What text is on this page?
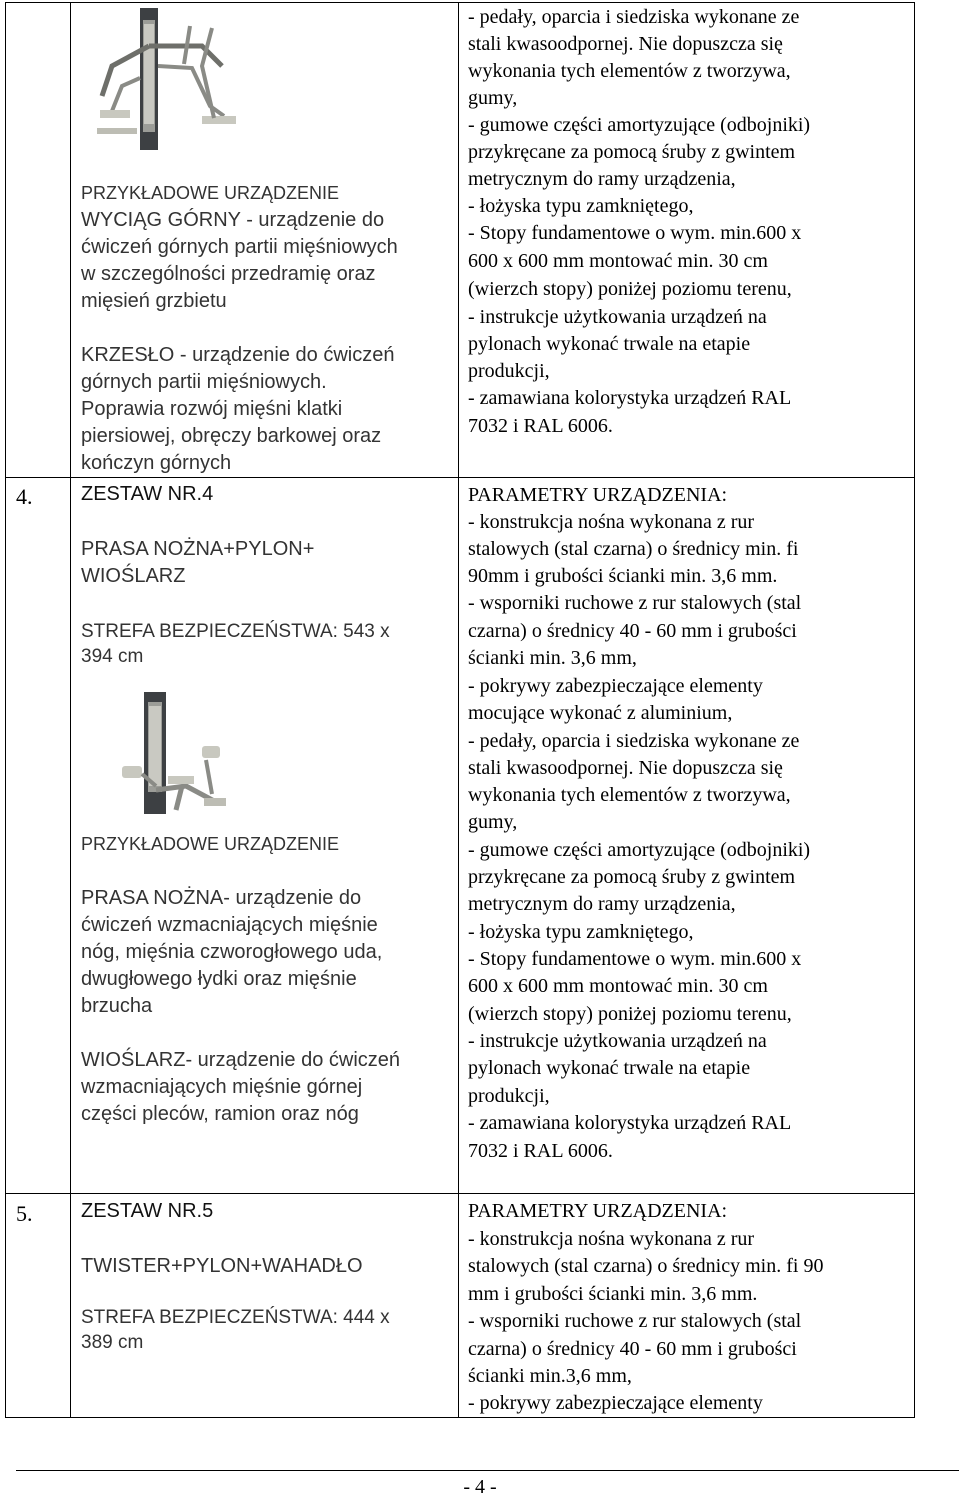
PRZYKŁADOWE URZĄDZENIE
WYCIĄG GÓRNY - urządzenie do
ćwiczeń górnych partii mięśniowych
w szczególności przedramię oraz
mięsień grzbietu
KRZESŁO - urządzenie do ćwiczeń
górnych partii mięśniowych.
Poprawia rozwój mięśni klatki
piersiowej, obręczy barkowej oraz
kończyn górnych
- pedały, oparcia i siedziska wykonane ze
stali kwasoodpornej. Nie dopuszcza się
wykonania tych elementów z tworzywa,
gumy,
- gumowe części amortyzujące (odbojniki)
przykręcane za pomocą śruby z gwintem
metrycznym do ramy urządzenia,
- łożyska typu zamkniętego,
- Stopy fundamentowe o wym. min.600 x
600 x 600 mm montować min. 30 cm
(wierzch stopy) poniżej poziomu terenu,
- instrukcje użytkowania urządzeń na
pylonach wykonać trwale na etapie
produkcji,
- zamawiana kolorystyka urządzeń RAL
7032 i RAL 6006.
4. ZESTAW NR.4
PRASA NOŻNA+PYLON+
WIOŚLARZ
STREFA BEZPIECZEŃSTWA: 543 x
394 cm
PRZYKŁADOWE URZĄDZENIE
PRASA NOŻNA- urządzenie do
ćwiczeń wzmacniających mięśnie
nóg, mięśnia czworogłowego uda,
dwugłowego łydki oraz mięśnie
brzucha
WIOŚLARZ- urządzenie do ćwiczeń
wzmacniających mięśnie górnej
części pleców, ramion oraz nóg
PARAMETRY URZĄDZENIA:
- konstrukcja nośna wykonana z rur
stalowych (stal czarna) o średnicy min. fi
90mm i grubości ścianki min. 3,6 mm.
- wsporniki ruchowe z rur stalowych (stal
czarna) o średnicy 40 - 60 mm i grubości
ścianki min. 3,6 mm,
- pokrywy zabezpieczające elementy
mocujące wykonać z aluminium,
- pedały, oparcia i siedziska wykonane ze
stali kwasoodpornej. Nie dopuszcza się
wykonania tych elementów z tworzywa,
gumy,
- gumowe części amortyzujące (odbojniki)
przykręcane za pomocą śruby z gwintem
metrycznym do ramy urządzenia,
- łożyska typu zamkniętego,
- Stopy fundamentowe o wym. min.600 x
600 x 600 mm montować min. 30 cm
(wierzch stopy) poniżej poziomu terenu,
- instrukcje użytkowania urządzeń na
pylonach wykonać trwale na etapie
produkcji,
- zamawiana kolorystyka urządzeń RAL
7032 i RAL 6006.
5. ZESTAW NR.5
TWISTER+PYLON+WAHADŁO
STREFA BEZPIECZEŃSTWA: 444 x
389 cm
PARAMETRY URZĄDZENIA:
- konstrukcja nośna wykonana z rur
stalowych (stal czarna) o średnicy min. fi 90
mm i grubości ścianki min. 3,6 mm.
- wsporniki ruchowe z rur stalowych (stal
czarna) o średnicy 40 - 60 mm i grubości
ścianki min.3,6 mm,
- pokrywy zabezpieczające elementy
- 4 -
